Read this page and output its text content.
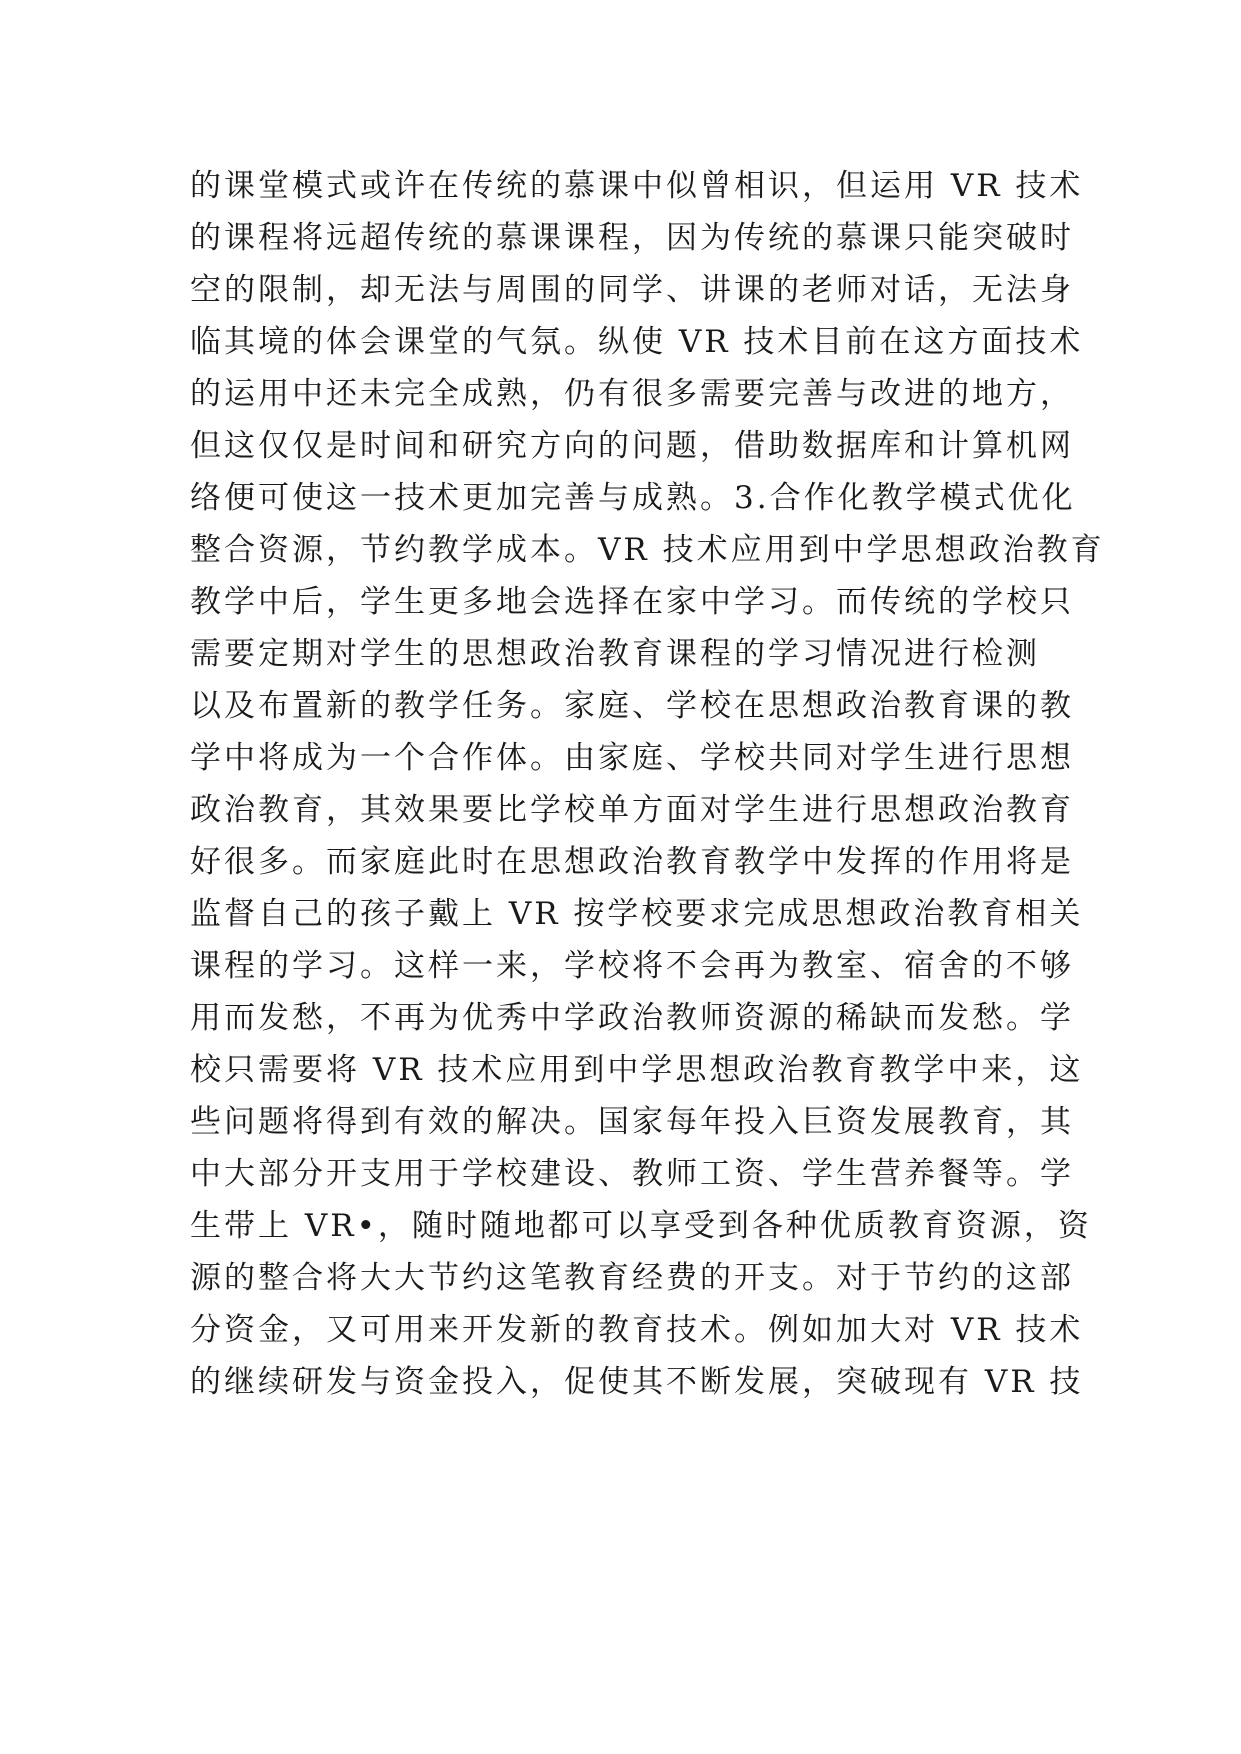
的课堂模式或许在传统的慕课中似曾相识，但运用 VR 技术
的课程将远超传统的慕课课程，因为传统的慕课只能突破时
空的限制，却无法与周围的同学、讲课的老师对话，无法身
临其境的体会课堂的气氛。纵使 VR 技术目前在这方面技术
的运用中还未完全成熟，仍有很多需要完善与改进的地方，
但这仅仅是时间和研究方向的问题，借助数据库和计算机网
络便可使这一技术更加完善与成熟。3.合作化教学模式优化
整合资源，节约教学成本。VR 技术应用到中学思想政治教育
教学中后，学生更多地会选择在家中学习。而传统的学校只
需要定期对学生的思想政治教育课程的学习情况进行检测
以及布置新的教学任务。家庭、学校在思想政治教育课的教
学中将成为一个合作体。由家庭、学校共同对学生进行思想
政治教育，其效果要比学校单方面对学生进行思想政治教育
好很多。而家庭此时在思想政治教育教学中发挥的作用将是
监督自己的孩子戴上 VR 按学校要求完成思想政治教育相关
课程的学习。这样一来，学校将不会再为教室、宿舍的不够
用而发愁，不再为优秀中学政治教师资源的稀缺而发愁。学
校只需要将 VR 技术应用到中学思想政治教育教学中来，这
些问题将得到有效的解决。国家每年投入巨资发展教育，其
中大部分开支用于学校建设、教师工资、学生营养餐等。学
生带上 VR•，随时随地都可以享受到各种优质教育资源，资
源的整合将大大节约这笔教育经费的开支。对于节约的这部
分资金，又可用来开发新的教育技术。例如加大对 VR 技术
的继续研发与资金投入，促使其不断发展，突破现有 VR 技
